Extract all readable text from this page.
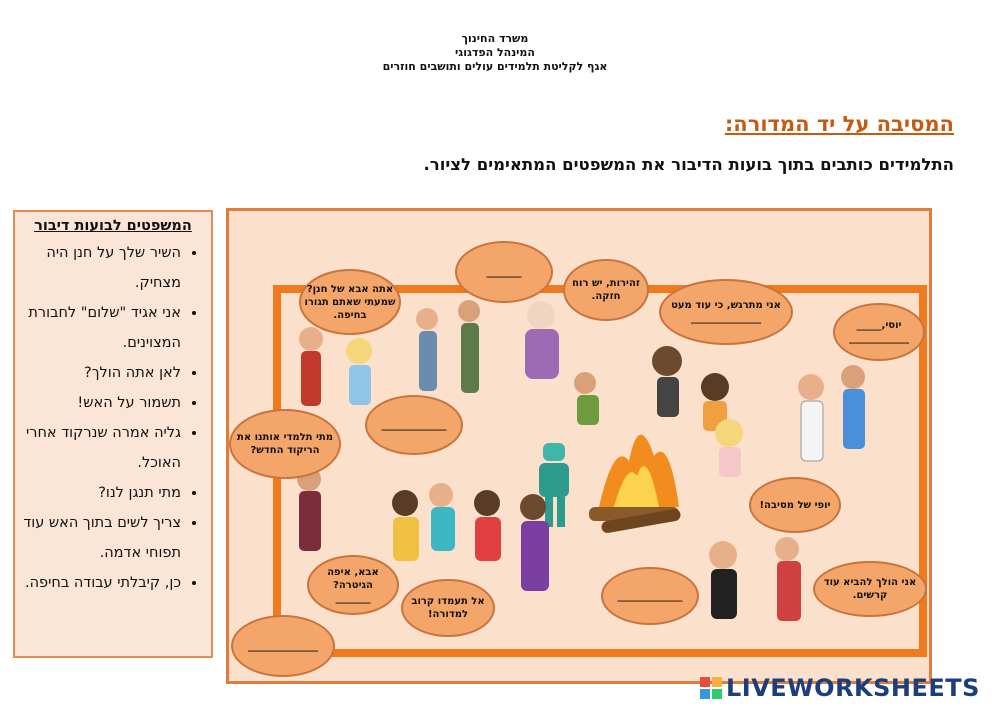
משרד החינוך
המינהל הפדגוגי
אגף לקליטת תלמידים עולים ותושבים חוזרים
המסיבה על יד המדורה:
התלמידים כותבים בתוך בועות הדיבור את המשפטים המתאימים לציור.
המשפטים לבועות דיבור
• השיר שלך על חנן היה מצחיק.
• אני אגיד "שלום" לחבורת המצוינים.
• לאן אתה הולך?
• תשמור על האש!
• גליה אמרה שנרקוד אחרי האוכל.
• מתי תנגן לנו?
• צריך לשים בתוך האש עוד תפוחי אדמה.
• כן, קיבלתי עבודה בחיפה.
אתה אבא של חנן? שמעתי שאתם תגורו בחיפה.
_______
זהירות, יש רוח חזקה.
אני מתרגש, כי עוד מעט
______________
יוסי,_____
____________
_____________
מתי תלמדי אותנו את הריקוד החדש?
יופי של מסיבה!
אבא, איפה הגיטרה?
_______	אל תעמדו קרוב למדורה!
_____________
אני הולך להביא עוד קרשים.
______________
LIVEWORKSHEETS
